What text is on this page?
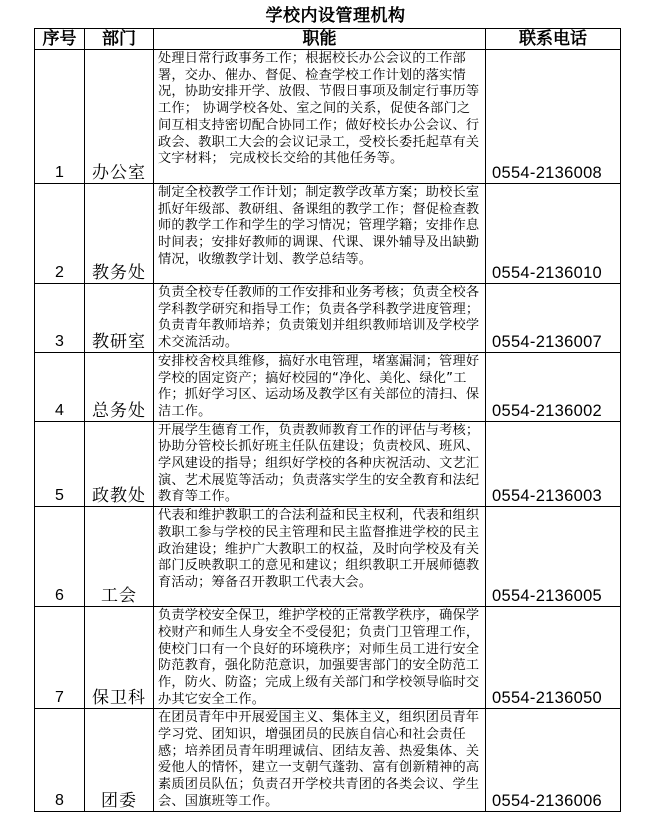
学校内设管理机构
序号	部门	职能	联系电话
1	办公室	处理日常行政事务工作；根据校长办公会议的工作部署，交办、催办、督促、检查学校工作计划的落实情况，协助安排开学、放假、节假日事项及制定行事历等工作； 协调学校各处、室之间的关系，促使各部门之间互相支持密切配合协同工作；做好校长办公会议、行政会、教职工大会的会议记录工，受校长委托起草有关文字材料； 完成校长交给的其他任务等。	0554-2136008
2	教务处	制定全校教学工作计划；制定教学改革方案；助校长室抓好年级部、教研组、备课组的教学工作；督促检查教师的教学工作和学生的学习情况；管理学籍；安排作息时间表；安排好教师的调课、代课、课外辅导及出缺勤情况，收缴教学计划、教学总结等。	0554-2136010
3	教研室	负责全校专任教师的工作安排和业务考核；负责全校各学科教学研究和指导工作；负责各学科教学进度管理；负责青年教师培养；负责策划并组织教师培训及学校学术交流活动。	0554-2136007
4	总务处	安排校舍校具维修，搞好水电管理，堵塞漏洞；管理好学校的固定资产；搞好校园的“净化、美化、绿化”工作；抓好学习区、运动场及教学区有关部位的清扫、保洁工作。	0554-2136002
5	政教处	开展学生德育工作，负责教师教育工作的评估与考核；协助分管校长抓好班主任队伍建设；负责校风、班风、学风建设的指导；组织好学校的各种庆祝活动、文艺汇演、艺术展览等活动；负责落实学生的安全教育和法纪教育等工作。	0554-2136003
6	工会	代表和维护教职工的合法利益和民主权利，代表和组织教职工参与学校的民主管理和民主监督推进学校的民主政治建设；维护广大教职工的权益，及时向学校及有关部门反映教职工的意见和建议；组织教职工开展师德教育活动；筹备召开教职工代表大会。	0554-2136005
7	保卫科	负责学校安全保卫，维护学校的正常教学秩序，确保学校财产和师生人身安全不受侵犯；负责门卫管理工作，使校门口有一个良好的环境秩序；对师生员工进行安全防范教育，强化防范意识，加强要害部门的安全防范工作，防火、防盗；完成上级有关部门和学校领导临时交办其它安全工作。	0554-2136050
8	团委	在团员青年中开展爱国主义、集体主义，组织团员青年学习党、团知识，增强团员的民族自信心和社会责任感；培养团员青年明理诚信、团结友善、热爱集体、关爱他人的情怀，建立一支朝气蓬勃、富有创新精神的高素质团员队伍；负责召开学校共青团的各类会议、学生会、国旗班等工作。	0554-2136006
